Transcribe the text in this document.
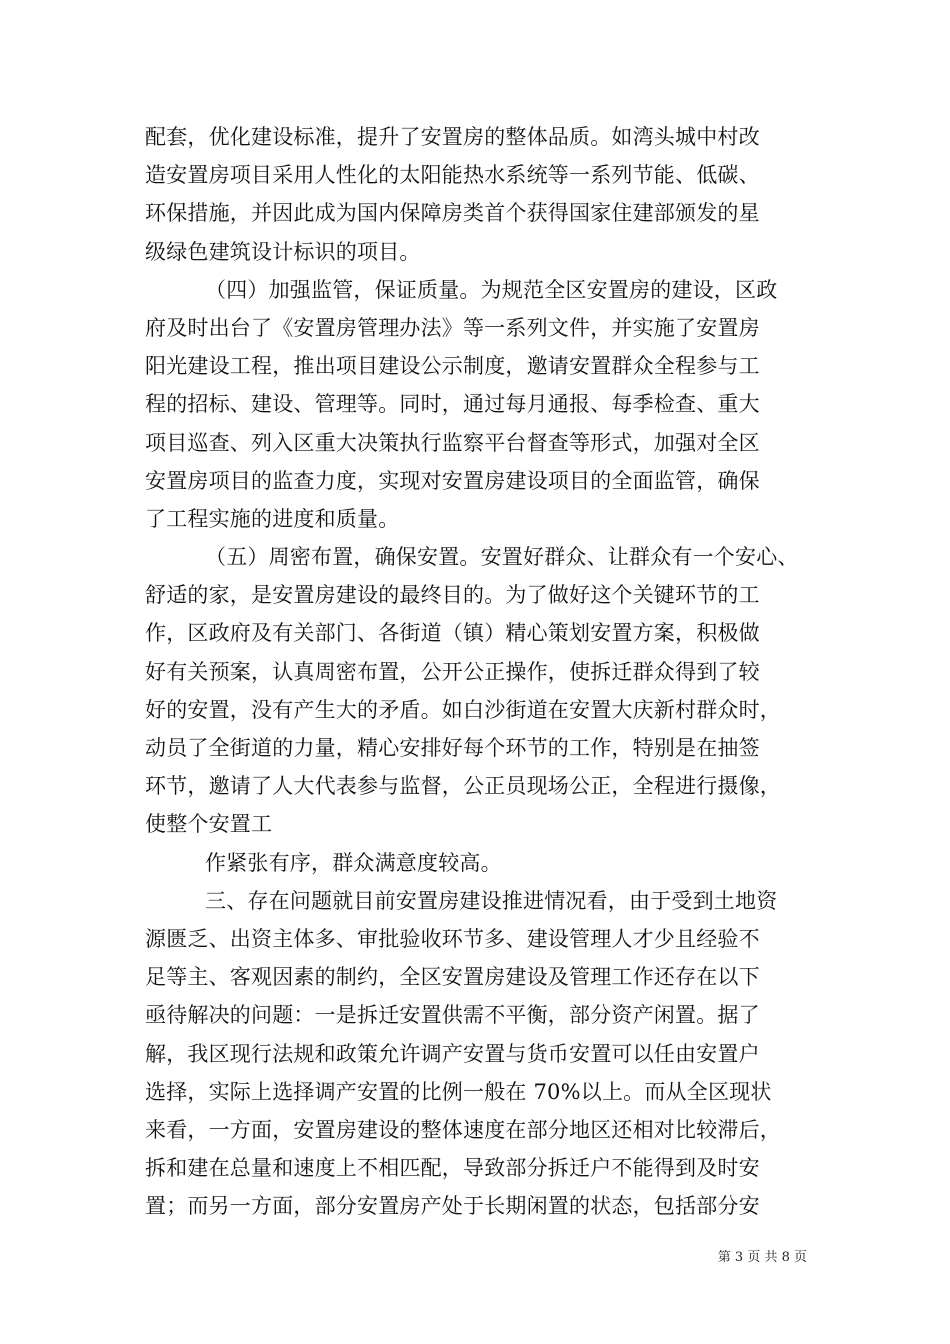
配套，优化建设标准，提升了安置房的整体品质。如湾头城中村改
造安置房项目采用人性化的太阳能热水系统等一系列节能、低碳、
环保措施，并因此成为国内保障房类首个获得国家住建部颁发的星
级绿色建筑设计标识的项目。
（四）加强监管，保证质量。为规范全区安置房的建设，区政
府及时出台了《安置房管理办法》等一系列文件，并实施了安置房
阳光建设工程，推出项目建设公示制度，邀请安置群众全程参与工
程的招标、建设、管理等。同时，通过每月通报、每季检查、重大
项目巡查、列入区重大决策执行监察平台督查等形式，加强对全区
安置房项目的监查力度，实现对安置房建设项目的全面监管，确保
了工程实施的进度和质量。
（五）周密布置，确保安置。安置好群众、让群众有一个安心、
舒适的家，是安置房建设的最终目的。为了做好这个关键环节的工
作，区政府及有关部门、各街道（镇）精心策划安置方案，积极做
好有关预案，认真周密布置，公开公正操作，使拆迁群众得到了较
好的安置，没有产生大的矛盾。如白沙街道在安置大庆新村群众时，
动员了全街道的力量，精心安排好每个环节的工作，特别是在抽签
环节，邀请了人大代表参与监督，公正员现场公正，全程进行摄像，
使整个安置工
作紧张有序，群众满意度较高。
三、存在问题就目前安置房建设推进情况看，由于受到土地资
源匮乏、出资主体多、审批验收环节多、建设管理人才少且经验不
足等主、客观因素的制约，全区安置房建设及管理工作还存在以下
亟待解决的问题：一是拆迁安置供需不平衡，部分资产闲置。据了
解，我区现行法规和政策允许调产安置与货币安置可以任由安置户
选择，实际上选择调产安置的比例一般在 70%以上。而从全区现状
来看，一方面，安置房建设的整体速度在部分地区还相对比较滞后，
拆和建在总量和速度上不相匹配，导致部分拆迁户不能得到及时安
置；而另一方面，部分安置房产处于长期闲置的状态，包括部分安
第 3 页 共 8 页
